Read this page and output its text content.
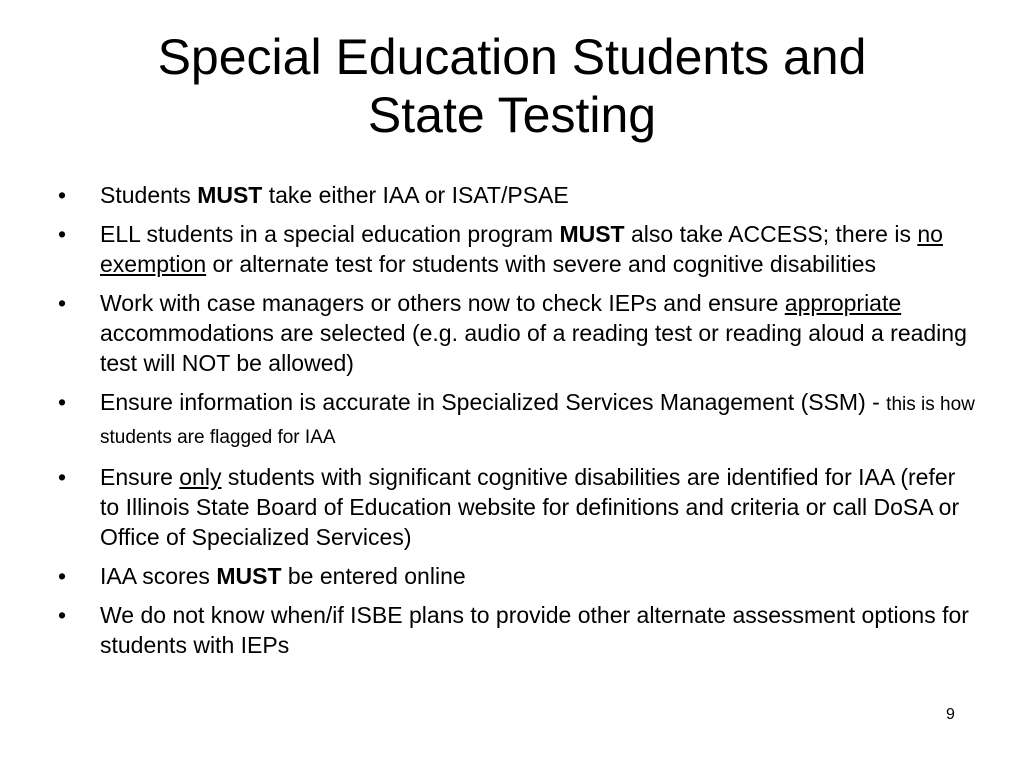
Special Education Students and
State Testing
•	Students MUST take either IAA or ISAT/PSAE
•	ELL students in a special education program MUST also take ACCESS; there is no exemption or alternate test for students with severe and cognitive disabilities
•	Work with case managers or others now to check IEPs and ensure appropriate accommodations are selected (e.g. audio of a reading test or reading aloud a reading test will NOT be allowed)
•	Ensure information is accurate in Specialized Services Management (SSM) - this is how students are flagged for IAA
•	Ensure only students with significant cognitive disabilities are identified for IAA (refer to Illinois State Board of Education website for definitions and criteria or call DoSA or Office of Specialized Services)
•	IAA scores MUST be entered online
•	We do not know when/if ISBE plans to provide other alternate assessment options for students with IEPs
9
